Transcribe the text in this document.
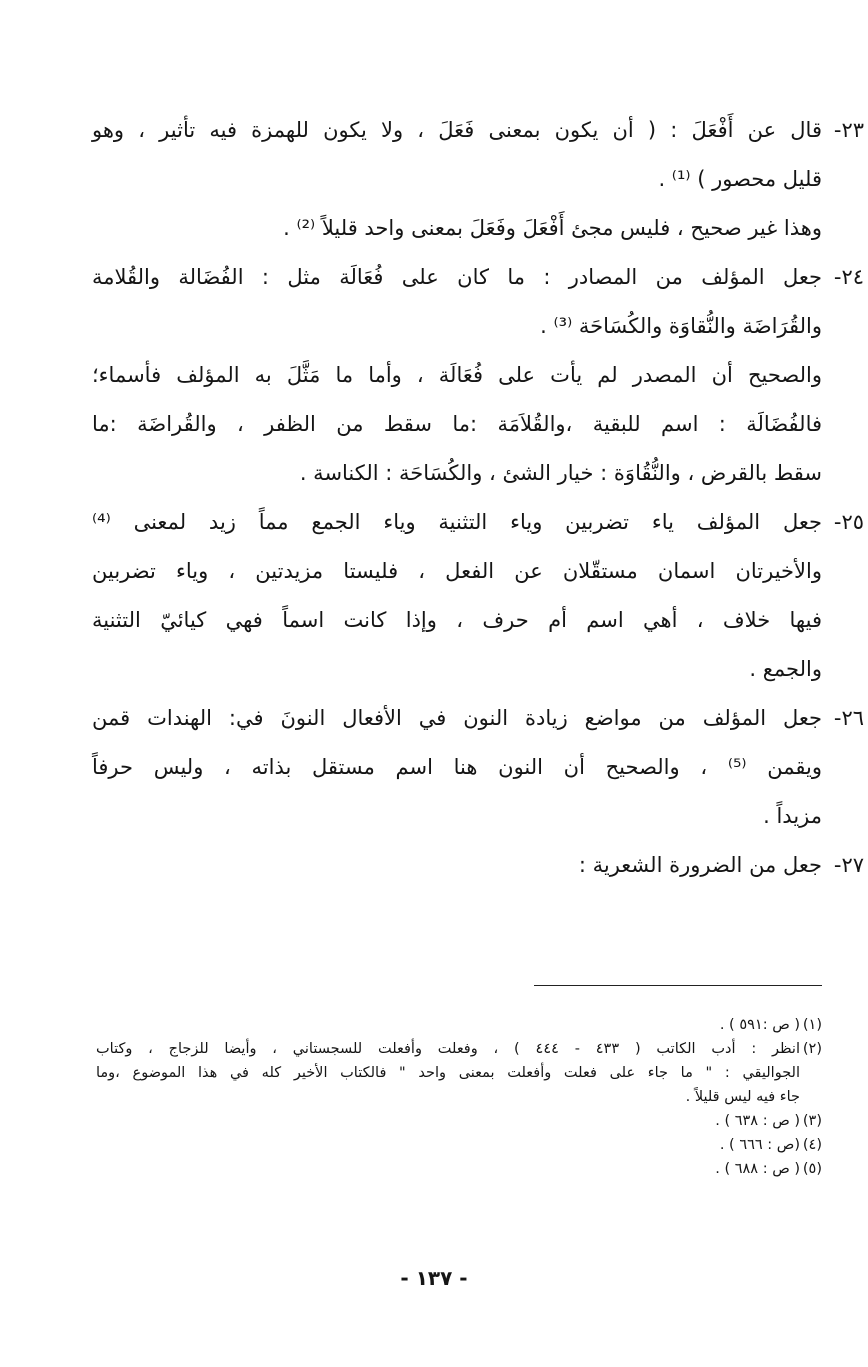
٢٣-
قال عن أَفْعَلَ : ( أن يكون بمعنى فَعَلَ ، ولا يكون للهمزة فيه تأثير ، وهو
قليل محصور ) ⁽¹⁾ .
وهذا غير صحيح ، فليس مجئ أَفْعَلَ وفَعَلَ بمعنى واحد قليلاً ⁽²⁾ .
٢٤-
جعل المؤلف من المصادر : ما كان على فُعَالَة مثل : الفُضَالة والقُلامة
والقُرَاضَة والنُّقاوَة والكُسَاحَة ⁽³⁾ .
والصحيح أن المصدر لم يأت على فُعَالَة ، وأما ما مَثَّلَ به المؤلف فأسماء؛
فالفُضَالَة : اسم للبقية ،والقُلاَمَة :ما سقط من الظفر ، والقُراضَة :ما
سقط بالقرض ، والنُّقُاوَة : خيار الشئ ، والكُسَاحَة : الكناسة .
٢٥-
جعل المؤلف ياء تضربين وياء التثنية وياء الجمع مماً زيد لمعنى ⁽⁴⁾
والأخيرتان اسمان مستقّلان عن الفعل ، فليستا مزيدتين ، وياء تضربين
فيها خلاف ، أهي اسم أم حرف ، وإذا كانت اسماً فهي كيائيّ التثنية
والجمع .
٢٦-
جعل المؤلف من مواضع زيادة النون في الأفعال النونَ في: الهندات قمن
ويقمن ⁽⁵⁾ ، والصحيح أن النون هنا اسم مستقل بذاته ، وليس حرفاً
مزيداً .
٢٧-
جعل من الضرورة الشعرية :
(١)
( ص :٥٩١ ) .
(٢)
انظر : أدب الكاتب ( ٤٣٣ - ٤٤٤ ) ، وفعلت وأفعلت للسجستاني ، وأيضا للزجاج ، وكتاب
الجواليقي : " ما جاء على فعلت وأفعلت بمعنى واحد " فالكتاب الأخير كله في هذا الموضوع ،وما
جاء فيه ليس قليلاً .
(٣)
( ص : ٦٣٨ ) .
(٤)
(ص : ٦٦٦ ) .
(٥)
( ص : ٦٨٨ ) .
- ١٣٧ -
